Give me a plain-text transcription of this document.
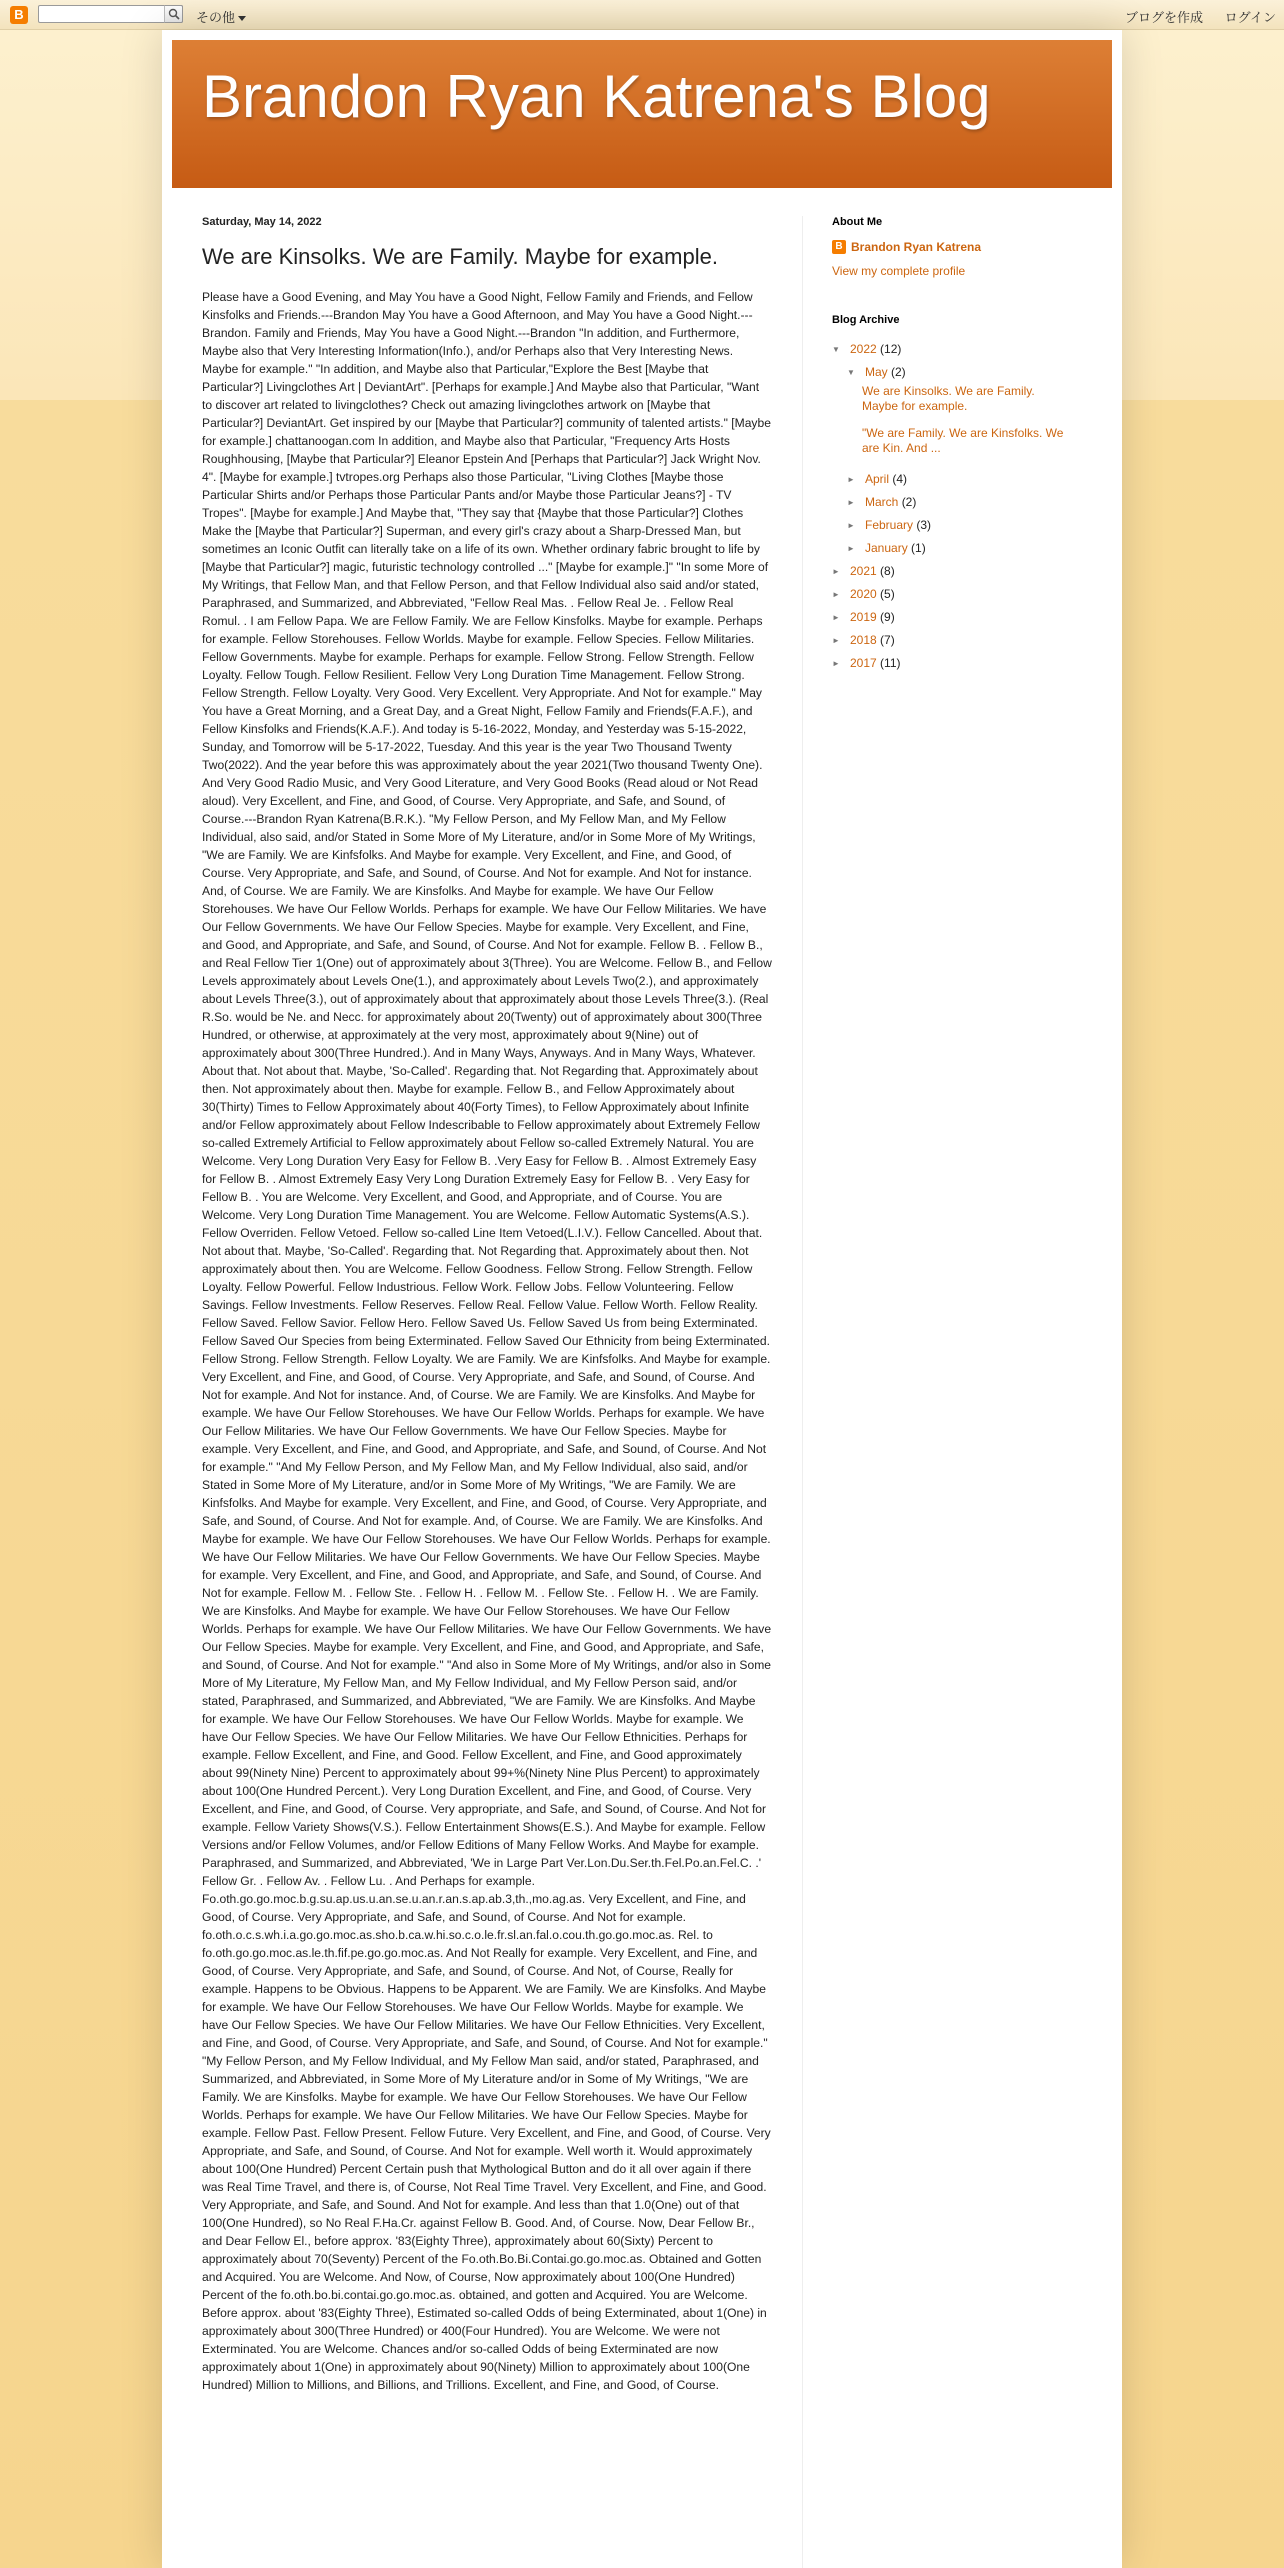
B	その他	ブログを作成 ログイン
Brandon Ryan Katrena's Blog
Saturday, May 14, 2022
We are Kinsolks. We are Family. Maybe for example.

Please have a Good Evening, and May You have a Good Night, Fellow Family and Friends, and Fellow Kinsfolks and Friends.---Brandon May You have a Good Afternoon, and May You have a Good Night.---Brandon. Family and Friends, May You have a Good Night.---Brandon "In addition, and Furthermore, Maybe also that Very Interesting Information(Info.), and/or Perhaps also that Very Interesting News. Maybe for example." "In addition, and Maybe also that Particular,"Explore the Best [Maybe that Particular?] Livingclothes Art | DeviantArt". [Perhaps for example.] And Maybe also that Particular, "Want to discover art related to livingclothes? Check out amazing livingclothes artwork on [Maybe that Particular?] DeviantArt. Get inspired by our [Maybe that Particular?] community of talented artists." [Maybe for example.] chattanoogan.com In addition, and Maybe also that Particular, "Frequency Arts Hosts Roughhousing, [Maybe that Particular?] Eleanor Epstein And [Perhaps that Particular?] Jack Wright Nov. 4". [Maybe for example.] tvtropes.org Perhaps also those Particular, "Living Clothes [Maybe those Particular Shirts and/or Perhaps those Particular Pants and/or Maybe those Particular Jeans?] - TV Tropes". [Maybe for example.] And Maybe that, "They say that {Maybe that those Particular?] Clothes Make the [Maybe that Particular?] Superman, and every girl's crazy about a Sharp-Dressed Man, but sometimes an Iconic Outfit can literally take on a life of its own. Whether ordinary fabric brought to life by [Maybe that Particular?] magic, futuristic technology controlled ..." [Maybe for example.]" "In some More of My Writings, that Fellow Man, and that Fellow Person, and that Fellow Individual also said and/or stated, Paraphrased, and Summarized, and Abbreviated, "Fellow Real Mas. . Fellow Real Je. . Fellow Real Romul. . I am Fellow Papa. We are Fellow Family. We are Fellow Kinsfolks. Maybe for example. Perhaps for example. Fellow Storehouses. Fellow Worlds. Maybe for example. Fellow Species. Fellow Militaries. Fellow Governments. Maybe for example. Perhaps for example. Fellow Strong. Fellow Strength. Fellow Loyalty. Fellow Tough. Fellow Resilient. Fellow Very Long Duration Time Management. Fellow Strong. Fellow Strength. Fellow Loyalty. Very Good. Very Excellent. Very Appropriate. And Not for example." May You have a Great Morning, and a Great Day, and a Great Night, Fellow Family and Friends(F.A.F.), and Fellow Kinsfolks and Friends(K.A.F.). And today is 5-16-2022, Monday, and Yesterday was 5-15-2022, Sunday, and Tomorrow will be 5-17-2022, Tuesday. And this year is the year Two Thousand Twenty Two(2022). And the year before this was approximately about the year 2021(Two thousand Twenty One). And Very Good Radio Music, and Very Good Literature, and Very Good Books (Read aloud or Not Read aloud). Very Excellent, and Fine, and Good, of Course. Very Appropriate, and Safe, and Sound, of Course.---Brandon Ryan Katrena(B.R.K.). "My Fellow Person, and My Fellow Man, and My Fellow Individual, also said, and/or Stated in Some More of My Literature, and/or in Some More of My Writings, "We are Family. We are Kinfsfolks. And Maybe for example. Very Excellent, and Fine, and Good, of Course. Very Appropriate, and Safe, and Sound, of Course. And Not for example. And Not for instance. And, of Course. We are Family. We are Kinsfolks. And Maybe for example. We have Our Fellow Storehouses. We have Our Fellow Worlds. Perhaps for example. We have Our Fellow Militaries. We have Our Fellow Governments. We have Our Fellow Species. Maybe for example. Very Excellent, and Fine, and Good, and Appropriate, and Safe, and Sound, of Course. And Not for example. Fellow B. . Fellow B., and Real Fellow Tier 1(One) out of approximately about 3(Three). You are Welcome. Fellow B., and Fellow Levels approximately about Levels One(1.), and approximately about Levels Two(2.), and approximately about Levels Three(3.), out of approximately about that approximately about those Levels Three(3.). (Real R.So. would be Ne. and Necc. for approximately about 20(Twenty) out of approximately about 300(Three Hundred, or otherwise, at approximately at the very most, approximately about 9(Nine) out of approximately about 300(Three Hundred.). And in Many Ways, Anyways. And in Many Ways, Whatever. About that. Not about that. Maybe, 'So-Called'. Regarding that. Not Regarding that. Approximately about then. Not approximately about then. Maybe for example. Fellow B., and Fellow Approximately about 30(Thirty) Times to Fellow Approximately about 40(Forty Times), to Fellow Approximately about Infinite and/or Fellow approximately about Fellow Indescribable to Fellow approximately about Extremely Fellow so-called Extremely Artificial to Fellow approximately about Fellow so-called Extremely Natural. You are Welcome. Very Long Duration Very Easy for Fellow B. .Very Easy for Fellow B. . Almost Extremely Easy for Fellow B. . Almost Extremely Easy Very Long Duration Extremely Easy for Fellow B. . Very Easy for Fellow B. . You are Welcome. Very Excellent, and Good, and Appropriate, and of Course. You are Welcome. Very Long Duration Time Management. You are Welcome. Fellow Automatic Systems(A.S.). Fellow Overriden. Fellow Vetoed. Fellow so-called Line Item Vetoed(L.I.V.). Fellow Cancelled. About that. Not about that. Maybe, 'So-Called'. Regarding that. Not Regarding that. Approximately about then. Not approximately about then. You are Welcome. Fellow Goodness. Fellow Strong. Fellow Strength. Fellow Loyalty. Fellow Powerful. Fellow Industrious. Fellow Work. Fellow Jobs. Fellow Volunteering. Fellow Savings. Fellow Investments. Fellow Reserves. Fellow Real. Fellow Value. Fellow Worth. Fellow Reality. Fellow Saved. Fellow Savior. Fellow Hero. Fellow Saved Us. Fellow Saved Us from being Exterminated. Fellow Saved Our Species from being Exterminated. Fellow Saved Our Ethnicity from being Exterminated. Fellow Strong. Fellow Strength. Fellow Loyalty. We are Family. We are Kinfsfolks. And Maybe for example. Very Excellent, and Fine, and Good, of Course. Very Appropriate, and Safe, and Sound, of Course. And Not for example. And Not for instance. And, of Course. We are Family. We are Kinsfolks. And Maybe for example. We have Our Fellow Storehouses. We have Our Fellow Worlds. Perhaps for example. We have Our Fellow Militaries. We have Our Fellow Governments. We have Our Fellow Species. Maybe for example. Very Excellent, and Fine, and Good, and Appropriate, and Safe, and Sound, of Course. And Not for example." "And My Fellow Person, and My Fellow Man, and My Fellow Individual, also said, and/or Stated in Some More of My Literature, and/or in Some More of My Writings, "We are Family. We are Kinfsfolks. And Maybe for example. Very Excellent, and Fine, and Good, of Course. Very Appropriate, and Safe, and Sound, of Course. And Not for example. And, of Course. We are Family. We are Kinsfolks. And Maybe for example. We have Our Fellow Storehouses. We have Our Fellow Worlds. Perhaps for example. We have Our Fellow Militaries. We have Our Fellow Governments. We have Our Fellow Species. Maybe for example. Very Excellent, and Fine, and Good, and Appropriate, and Safe, and Sound, of Course. And Not for example. Fellow M. . Fellow Ste. . Fellow H. . Fellow M. . Fellow Ste. . Fellow H. . We are Family. We are Kinsfolks. And Maybe for example. We have Our Fellow Storehouses. We have Our Fellow Worlds. Perhaps for example. We have Our Fellow Militaries. We have Our Fellow Governments. We have Our Fellow Species. Maybe for example. Very Excellent, and Fine, and Good, and Appropriate, and Safe, and Sound, of Course. And Not for example." "And also in Some More of My Writings, and/or also in Some More of My Literature, My Fellow Man, and My Fellow Individual, and My Fellow Person said, and/or stated, Paraphrased, and Summarized, and Abbreviated, "We are Family. We are Kinsfolks. And Maybe for example. We have Our Fellow Storehouses. We have Our Fellow Worlds. Maybe for example. We have Our Fellow Species. We have Our Fellow Militaries. We have Our Fellow Ethnicities. Perhaps for example. Fellow Excellent, and Fine, and Good. Fellow Excellent, and Fine, and Good approximately about 99(Ninety Nine) Percent to approximately about 99+%(Ninety Nine Plus Percent) to approximately about 100(One Hundred Percent.). Very Long Duration Excellent, and Fine, and Good, of Course. Very Excellent, and Fine, and Good, of Course. Very appropriate, and Safe, and Sound, of Course. And Not for example. Fellow Variety Shows(V.S.). Fellow Entertainment Shows(E.S.). And Maybe for example. Fellow Versions and/or Fellow Volumes, and/or Fellow Editions of Many Fellow Works. And Maybe for example. Paraphrased, and Summarized, and Abbreviated, 'We in Large Part Ver.Lon.Du.Ser.th.Fel.Po.an.Fel.C. .' Fellow Gr. . Fellow Av. . Fellow Lu. . And Perhaps for example. Fo.oth.go.go.moc.b.g.su.ap.us.u.an.se.u.an.r.an.s.ap.ab.3,th.,mo.ag.as. Very Excellent, and Fine, and Good, of Course. Very Appropriate, and Safe, and Sound, of Course. And Not for example. fo.oth.o.c.s.wh.i.a.go.go.moc.as.sho.b.ca.w.hi.so.c.o.le.fr.sl.an.fal.o.cou.th.go.go.moc.as. Rel. to fo.oth.go.go.moc.as.le.th.fif.pe.go.go.moc.as. And Not Really for example. Very Excellent, and Fine, and Good, of Course. Very Appropriate, and Safe, and Sound, of Course. And Not, of Course, Really for example. Happens to be Obvious. Happens to be Apparent. We are Family. We are Kinsfolks. And Maybe for example. We have Our Fellow Storehouses. We have Our Fellow Worlds. Maybe for example. We have Our Fellow Species. We have Our Fellow Militaries. We have Our Fellow Ethnicities. Very Excellent, and Fine, and Good, of Course. Very Appropriate, and Safe, and Sound, of Course. And Not for example." "My Fellow Person, and My Fellow Individual, and My Fellow Man said, and/or stated, Paraphrased, and Summarized, and Abbreviated, in Some More of My Literature and/or in Some of My Writings, "We are Family. We are Kinsfolks. Maybe for example. We have Our Fellow Storehouses. We have Our Fellow Worlds. Perhaps for example. We have Our Fellow Militaries. We have Our Fellow Species. Maybe for example. Fellow Past. Fellow Present. Fellow Future. Very Excellent, and Fine, and Good, of Course. Very Appropriate, and Safe, and Sound, of Course. And Not for example. Well worth it. Would approximately about 100(One Hundred) Percent Certain push that Mythological Button and do it all over again if there was Real Time Travel, and there is, of Course, Not Real Time Travel. Very Excellent, and Fine, and Good. Very Appropriate, and Safe, and Sound. And Not for example. And less than that 1.0(One) out of that 100(One Hundred), so No Real F.Ha.Cr. against Fellow B. Good. And, of Course. Now, Dear Fellow Br., and Dear Fellow El., before approx. '83(Eighty Three), approximately about 60(Sixty) Percent to approximately about 70(Seventy) Percent of the Fo.oth.Bo.Bi.Contai.go.go.moc.as. Obtained and Gotten and Acquired. You are Welcome. And Now, of Course, Now approximately about 100(One Hundred) Percent of the fo.oth.bo.bi.contai.go.go.moc.as. obtained, and gotten and Acquired. You are Welcome. Before approx. about '83(Eighty Three), Estimated so-called Odds of being Exterminated, about 1(One) in approximately about 300(Three Hundred) or 400(Four Hundred). You are Welcome. We were not Exterminated. You are Welcome. Chances and/or so-called Odds of being Exterminated are now approximately about 1(One) in approximately about 90(Ninety) Million to approximately about 100(One Hundred) Million to Millions, and Billions, and Trillions. Excellent, and Fine, and Good, of Course.

About Me
B Brandon Ryan Katrena
View my complete profile
Blog Archive
▼ 2022 (12)
▼ May (2)
We are Kinsolks. We are Family. Maybe for example.
"We are Family. We are Kinsfolks. We are Kin. And ...
► April (4)
► March (2)
► February (3)
► January (1)
► 2021 (8)
► 2020 (5)
► 2019 (9)
► 2018 (7)
► 2017 (11)
